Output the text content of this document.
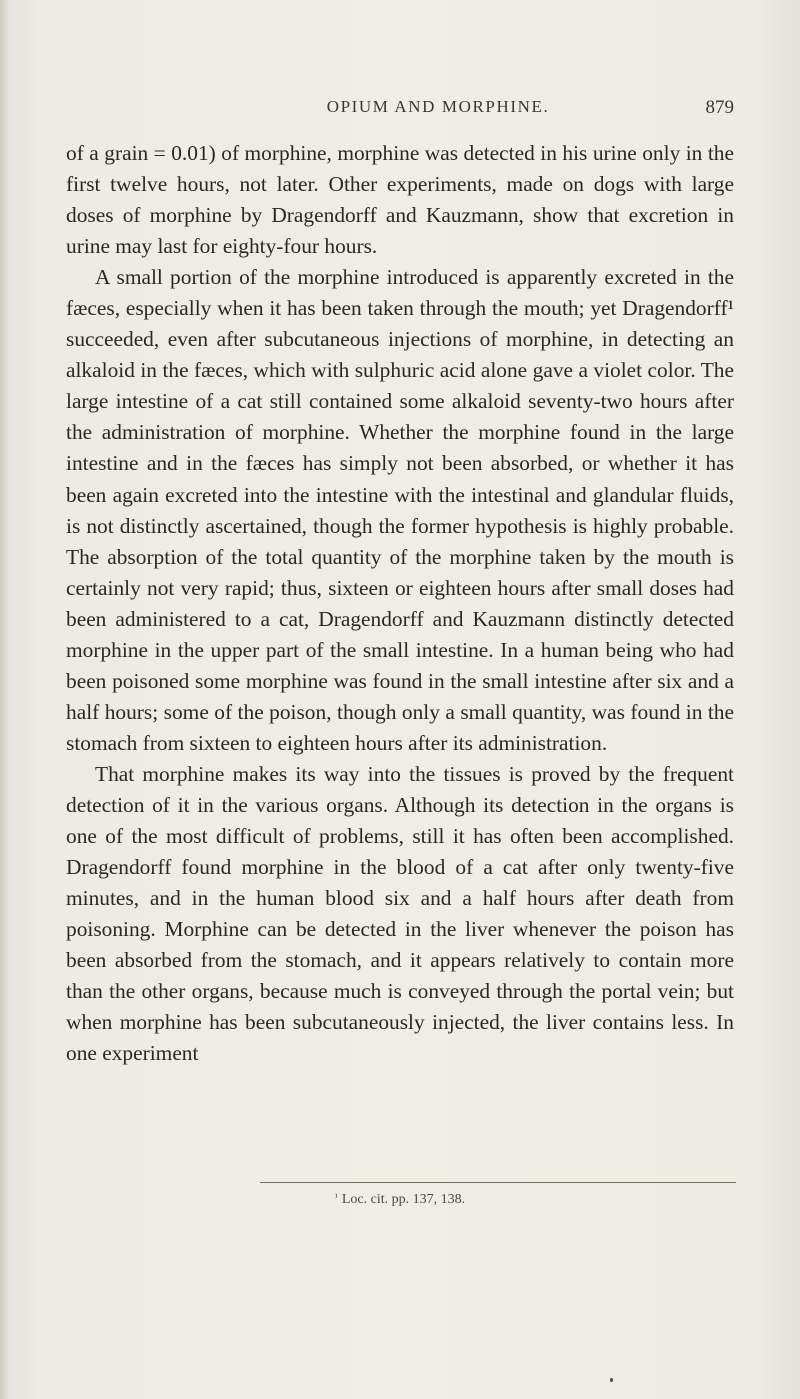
OPIUM AND MORPHINE.	879

of a grain = 0.01) of morphine, morphine was detected in his urine only in the first twelve hours, not later. Other experiments, made on dogs with large doses of morphine by Dragendorff and Kauzmann, show that excretion in urine may last for eighty-four hours.

A small portion of the morphine introduced is apparently excreted in the fæces, especially when it has been taken through the mouth; yet Dragendorff¹ succeeded, even after subcutaneous injections of morphine, in detecting an alkaloid in the fæces, which with sulphuric acid alone gave a violet color. The large intestine of a cat still contained some alkaloid seventy-two hours after the administration of morphine. Whether the morphine found in the large intestine and in the fæces has simply not been absorbed, or whether it has been again excreted into the intestine with the intestinal and glandular fluids, is not distinctly ascertained, though the former hypothesis is highly probable. The absorption of the total quantity of the morphine taken by the mouth is certainly not very rapid; thus, sixteen or eighteen hours after small doses had been administered to a cat, Dragendorff and Kauzmann distinctly detected morphine in the upper part of the small intestine. In a human being who had been poisoned some morphine was found in the small intestine after six and a half hours; some of the poison, though only a small quantity, was found in the stomach from sixteen to eighteen hours after its administration.

That morphine makes its way into the tissues is proved by the frequent detection of it in the various organs. Although its detection in the organs is one of the most difficult of problems, still it has often been accomplished. Dragendorff found morphine in the blood of a cat after only twenty-five minutes, and in the human blood six and a half hours after death from poisoning. Morphine can be detected in the liver whenever the poison has been absorbed from the stomach, and it appears relatively to contain more than the other organs, because much is conveyed through the portal vein; but when morphine has been subcutaneously injected, the liver contains less. In one experiment

$^{^1}$ Loc. cit. pp. 137, 138.
